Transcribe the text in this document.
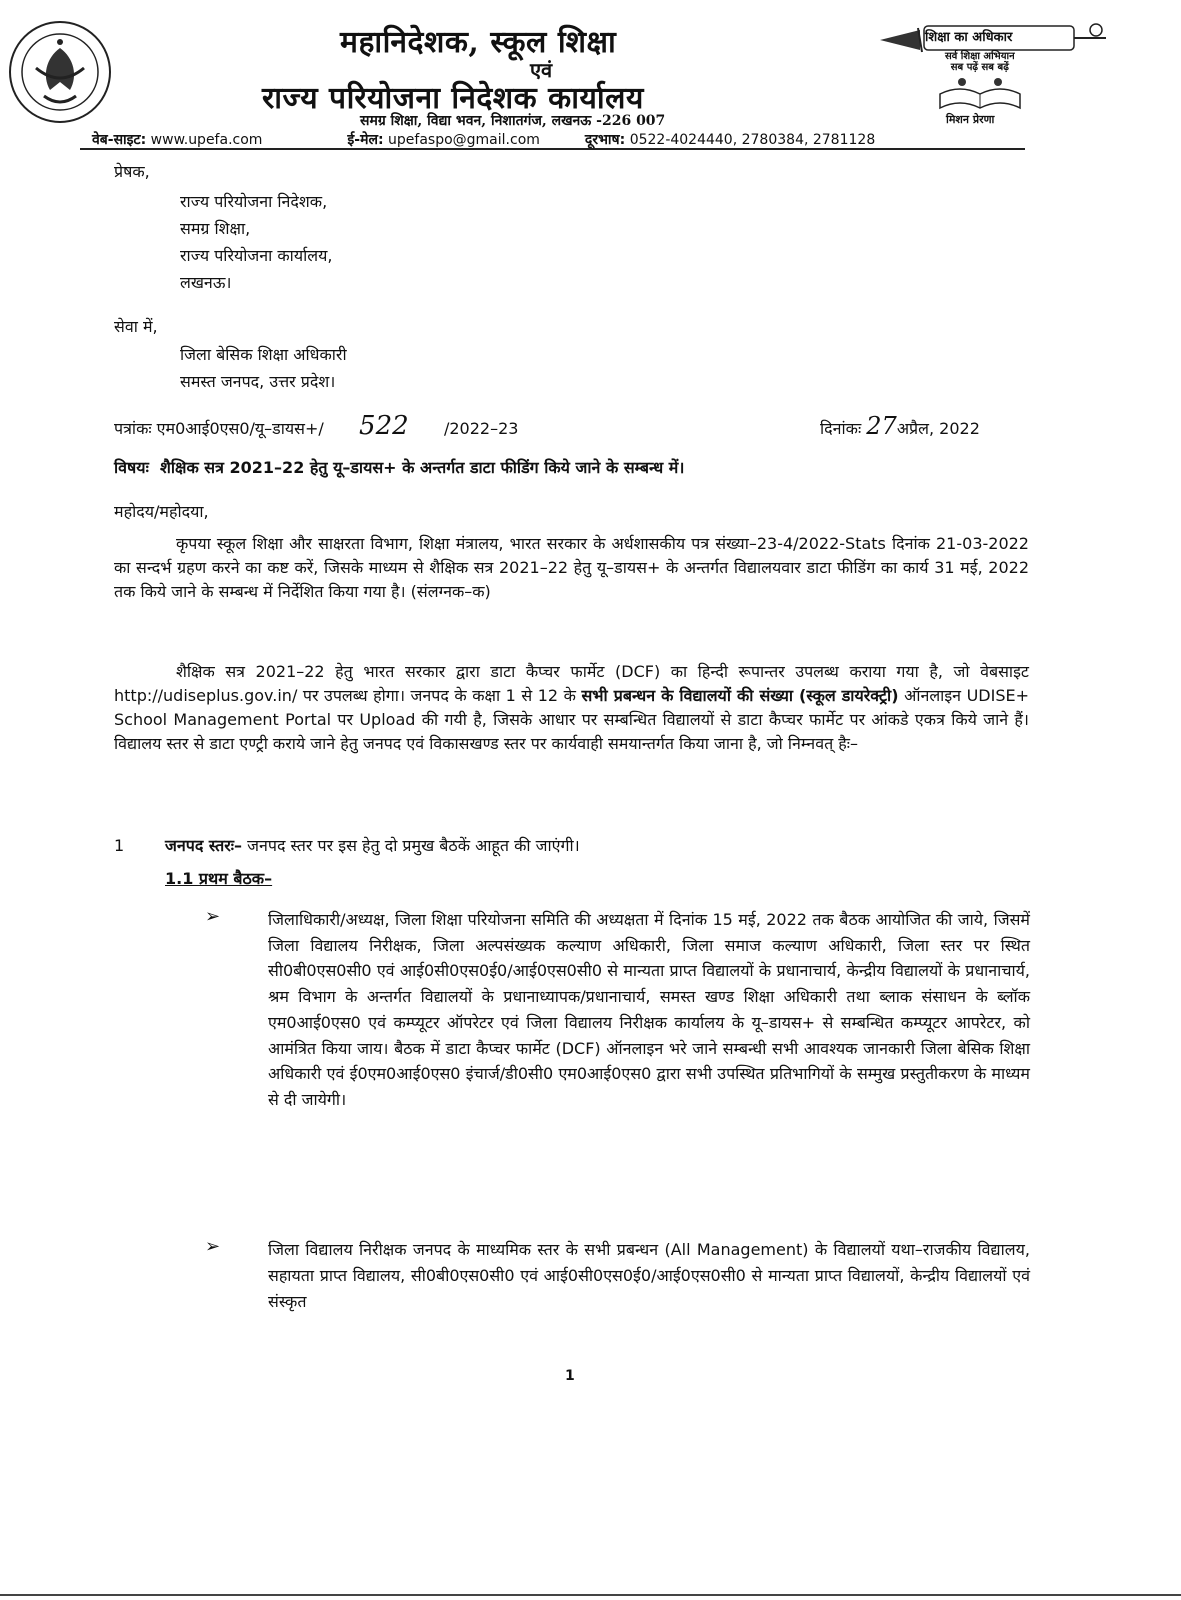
महानिदेशक, स्कूल शिक्षा
एवं
राज्य परियोजना निदेशक कार्यालय
समग्र शिक्षा, विद्या भवन, निशातगंज, लखनऊ -226 007
वेब-साइट: www.upefa.com	ई-मेल: upefaspo@gmail.com	दूरभाष: 0522-4024440, 2780384, 2781128
शिक्षा का अधिकार
सर्व शिक्षा अभियान
सब पढ़ें सब बढ़ें
मिशन प्रेरणा
प्रेषक,
राज्य परियोजना निदेशक,
समग्र शिक्षा,
राज्य परियोजना कार्यालय,
लखनऊ।
सेवा में,
जिला बेसिक शिक्षा अधिकारी
समस्त जनपद, उत्तर प्रदेश।
पत्रांकः एम0आई0एस0/यू–डायस+/ 522 /2022–23	दिनांकः 27अप्रैल, 2022
विषयः शैक्षिक सत्र 2021–22 हेतु यू–डायस+ के अन्तर्गत डाटा फीडिंग किये जाने के सम्बन्ध में।
महोदय/महोदया,
कृपया स्कूल शिक्षा और साक्षरता विभाग, शिक्षा मंत्रालय, भारत सरकार के अर्धशासकीय पत्र संख्या–23-4/2022-Stats दिनांक 21-03-2022 का सन्दर्भ ग्रहण करने का कष्ट करें, जिसके माध्यम से शैक्षिक सत्र 2021–22 हेतु यू–डायस+ के अन्तर्गत विद्यालयवार डाटा फीडिंग का कार्य 31 मई, 2022 तक किये जाने के सम्बन्ध में निर्देशित किया गया है। (संलग्नक–क)
शैक्षिक सत्र 2021–22 हेतु भारत सरकार द्वारा डाटा कैप्चर फार्मेट (DCF) का हिन्दी रूपान्तर उपलब्ध कराया गया है, जो वेबसाइट http://udiseplus.gov.in/ पर उपलब्ध होगा। जनपद के कक्षा 1 से 12 के सभी प्रबन्धन के विद्यालयों की संख्या (स्कूल डायरेक्ट्री) ऑनलाइन UDISE+ School Management Portal पर Upload की गयी है, जिसके आधार पर सम्बन्धित विद्यालयों से डाटा कैप्चर फार्मेट पर आंकडे एकत्र किये जाने हैं। विद्यालय स्तर से डाटा एण्ट्री कराये जाने हेतु जनपद एवं विकासखण्ड स्तर पर कार्यवाही समयान्तर्गत किया जाना है, जो निम्नवत् हैः–
1	जनपद स्तरः– जनपद स्तर पर इस हेतु दो प्रमुख बैठकें आहूत की जाएंगी।
1.1 प्रथम बैठक–
➢	जिलाधिकारी/अध्यक्ष, जिला शिक्षा परियोजना समिति की अध्यक्षता में दिनांक 15 मई, 2022 तक बैठक आयोजित की जाये, जिसमें जिला विद्यालय निरीक्षक, जिला अल्पसंख्यक कल्याण अधिकारी, जिला समाज कल्याण अधिकारी, जिला स्तर पर स्थित सी0बी0एस0सी0 एवं आई0सी0एस0ई0/आई0एस0सी0 से मान्यता प्राप्त विद्यालयों के प्रधानाचार्य, केन्द्रीय विद्यालयों के प्रधानाचार्य, श्रम विभाग के अन्तर्गत विद्यालयों के प्रधानाध्यापक/प्रधानाचार्य, समस्त खण्ड शिक्षा अधिकारी तथा ब्लाक संसाधन के ब्लॉक एम0आई0एस0 एवं कम्प्यूटर ऑपरेटर एवं जिला विद्यालय निरीक्षक कार्यालय के यू–डायस+ से सम्बन्धित कम्प्यूटर आपरेटर, को आमंत्रित किया जाय। बैठक में डाटा कैप्चर फार्मेट (DCF) ऑनलाइन भरे जाने सम्बन्धी सभी आवश्यक जानकारी जिला बेसिक शिक्षा अधिकारी एवं ई0एम0आई0एस0 इंचार्ज/डी0सी0 एम0आई0एस0 द्वारा सभी उपस्थित प्रतिभागियों के सम्मुख प्रस्तुतीकरण के माध्यम से दी जायेगी।
➢	जिला विद्यालय निरीक्षक जनपद के माध्यमिक स्तर के सभी प्रबन्धन (All Management) के विद्यालयों यथा–राजकीय विद्यालय, सहायता प्राप्त विद्यालय, सी0बी0एस0सी0 एवं आई0सी0एस0ई0/आई0एस0सी0 से मान्यता प्राप्त विद्यालयों, केन्द्रीय विद्यालयों एवं संस्कृत
1
